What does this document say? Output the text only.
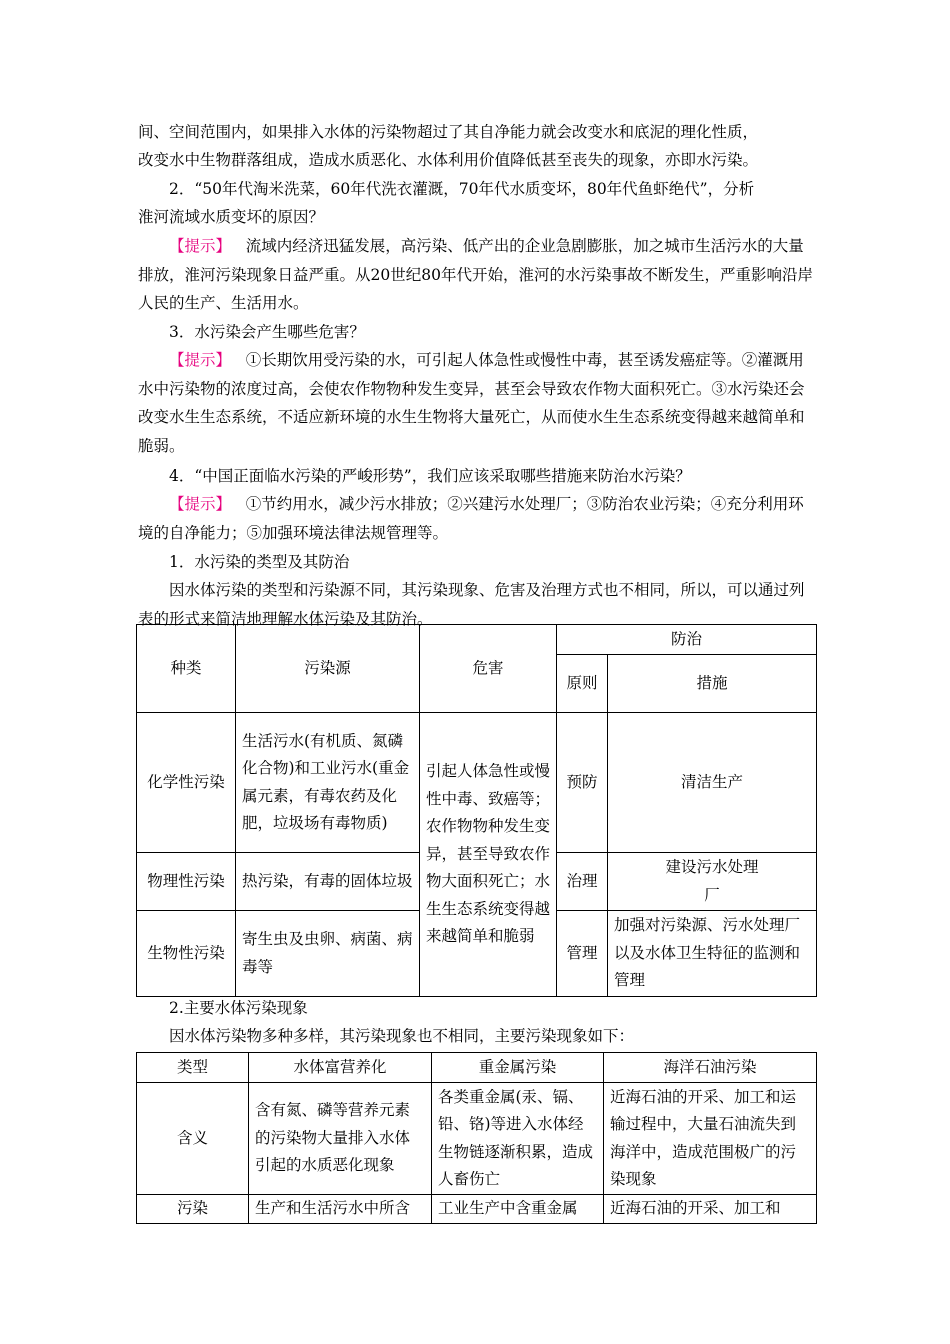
间、空间范围内，如果排入水体的污染物超过了其自净能力就会改变水和底泥的理化性质，

改变水中生物群落组成，造成水质恶化、水体利用价值降低甚至丧失的现象，亦即水污染。

2．“50年代淘米洗菜，60年代洗衣灌溉，70年代水质变坏，80年代鱼虾绝代”，分析

淮河流域水质变坏的原因？

【提示】 流域内经济迅猛发展，高污染、低产出的企业急剧膨胀，加之城市生活污水的大量排放，淮河污染现象日益严重。从20世纪80年代开始，淮河的水污染事故不断发生，严重影响沿岸人民的生产、生活用水。

3．水污染会产生哪些危害？

【提示】 ①长期饮用受污染的水，可引起人体急性或慢性中毒，甚至诱发癌症等。②灌溉用水中污染物的浓度过高，会使农作物物种发生变异，甚至会导致农作物大面积死亡。③水污染还会改变水生生态系统，不适应新环境的水生生物将大量死亡，从而使水生生态系统变得越来越简单和脆弱。

4．“中国正面临水污染的严峻形势”，我们应该采取哪些措施来防治水污染？

【提示】 ①节约用水，减少污水排放；②兴建污水处理厂；③防治农业污染；④充分利用环境的自净能力；⑤加强环境法律法规管理等。

1．水污染的类型及其防治

因水体污染的类型和污染源不同，其污染现象、危害及治理方式也不相同，所以，可以通过列表的形式来简洁地理解水体污染及其防治。

种类	污染源	危害	防治	
			原则	措施
化学性污染	生活污水(有机质、氮磷化合物)和工业污水(重金属元素，有毒农药及化肥，垃圾场有毒物质)	引起人体急性或慢性中毒、致癌等；农作物物种发生变异，甚至导致农作物大面积死亡；水生生态系统变得越来越简单和脆弱	预防	清洁生产
物理性污染	热污染，有毒的固体垃圾		治理	建设污水处理厂
生物性污染	寄生虫及虫卵、病菌、病毒等		管理	加强对污染源、污水处理厂以及水体卫生特征的监测和管理

2.主要水体污染现象

因水体污染物多种多样，其污染现象也不相同，主要污染现象如下：

类型	水体富营养化	重金属污染	海洋石油污染
含义	含有氮、磷等营养元素的污染物大量排入水体引起的水质恶化现象	各类重金属(汞、镉、铅、铬)等进入水体经生物链逐渐积累，造成人畜伤亡	近海石油的开采、加工和运输过程中，大量石油流失到海洋中，造成范围极广的污染现象
污染	生产和生活污水中所含	工业生产中含重金属	近海石油的开采、加工和
